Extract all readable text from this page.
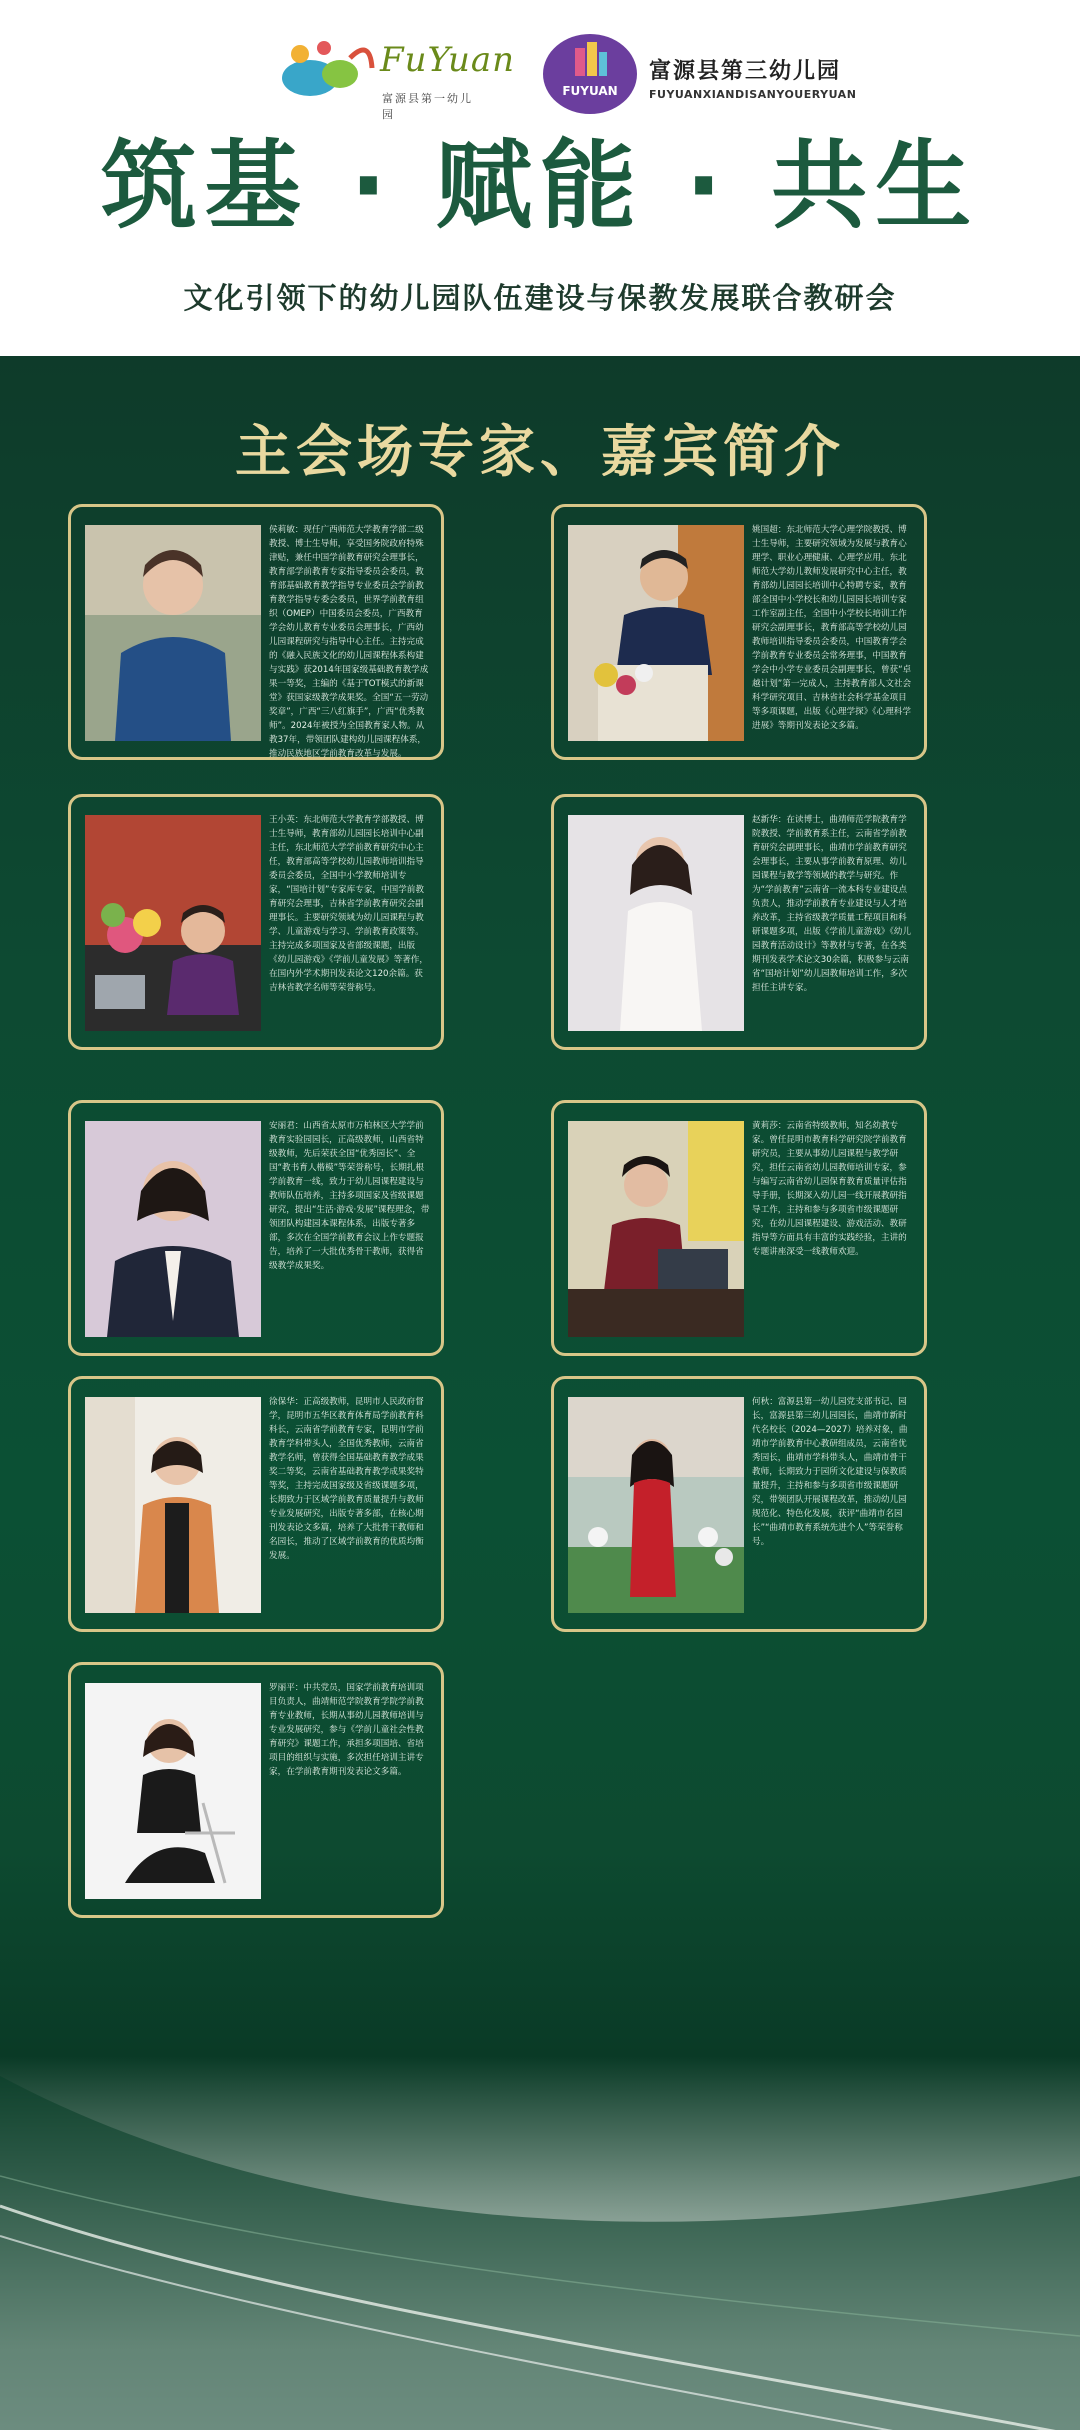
FuYuan
富源县第一幼儿园
FUYUAN
富源县第三幼儿园
FUYUANXIANDISANYOUERYUAN
筑基 · 赋能 · 共生
文化引领下的幼儿园队伍建设与保教发展联合教研会
主会场专家、嘉宾简介
侯莉敏：现任广西师范大学教育学部二级教授、博士生导师，享受国务院政府特殊津贴，兼任中国学前教育研究会理事长，教育部学前教育专家指导委员会委员，教育部基础教育教学指导专业委员会学前教育教学指导专委会委员，世界学前教育组织（OMEP）中国委员会委员，广西教育学会幼儿教育专业委员会理事长，广西幼儿园课程研究与指导中心主任。主持完成的《融入民族文化的幼儿园课程体系构建与实践》获2014年国家级基础教育教学成果一等奖，主编的《基于TOT模式的新课堂》获国家级教学成果奖。全国“五一劳动奖章”，广西“三八红旗手”，广西“优秀教师”。2024年被授为全国教育家人物。从教37年，带领团队建构幼儿园课程体系，推动民族地区学前教育改革与发展。
姚国超：东北师范大学心理学院教授、博士生导师，主要研究领域为发展与教育心理学、职业心理健康、心理学应用。东北师范大学幼儿教师发展研究中心主任，教育部幼儿园园长培训中心特聘专家，教育部全国中小学校长和幼儿园园长培训专家工作室副主任，全国中小学校长培训工作研究会副理事长，教育部高等学校幼儿园教师培训指导委员会委员，中国教育学会学前教育专业委员会常务理事，中国教育学会中小学专业委员会副理事长，曾获“卓越计划”第一完成人，主持教育部人文社会科学研究项目、吉林省社会科学基金项目等多项课题，出版《心理学探》《心理科学进展》等期刊发表论文多篇。
王小英：东北师范大学教育学部教授、博士生导师，教育部幼儿园园长培训中心副主任，东北师范大学学前教育研究中心主任，教育部高等学校幼儿园教师培训指导委员会委员，全国中小学教师培训专家，“国培计划”专家库专家，中国学前教育研究会理事，吉林省学前教育研究会副理事长。主要研究领域为幼儿园课程与教学、儿童游戏与学习、学前教育政策等。主持完成多项国家及省部级课题，出版《幼儿园游戏》《学前儿童发展》等著作，在国内外学术期刊发表论文120余篇。获吉林省教学名师等荣誉称号。
赵新华：在读博士，曲靖师范学院教育学院教授、学前教育系主任，云南省学前教育研究会副理事长，曲靖市学前教育研究会理事长，主要从事学前教育原理、幼儿园课程与教学等领域的教学与研究。作为“学前教育”云南省一流本科专业建设点负责人，推动学前教育专业建设与人才培养改革，主持省级教学质量工程项目和科研课题多项，出版《学前儿童游戏》《幼儿园教育活动设计》等教材与专著，在各类期刊发表学术论文30余篇，积极参与云南省“国培计划”幼儿园教师培训工作，多次担任主讲专家。
安丽君：山西省太原市万柏林区大学学前教育实验园园长，正高级教师，山西省特级教师，先后荣获全国“优秀园长”、全国“教书育人楷模”等荣誉称号，长期扎根学前教育一线，致力于幼儿园课程建设与教师队伍培养，主持多项国家及省级课题研究，提出“生活·游戏·发展”课程理念，带领团队构建园本课程体系，出版专著多部，多次在全国学前教育会议上作专题报告，培养了一大批优秀骨干教师，获得省级教学成果奖。
黄莉莎：云南省特级教师，知名幼教专家。曾任昆明市教育科学研究院学前教育研究员，主要从事幼儿园课程与教学研究，担任云南省幼儿园教师培训专家，参与编写云南省幼儿园保育教育质量评估指导手册，长期深入幼儿园一线开展教研指导工作，主持和参与多项省市级课题研究，在幼儿园课程建设、游戏活动、教研指导等方面具有丰富的实践经验，主讲的专题讲座深受一线教师欢迎。
徐保华：正高级教师，昆明市人民政府督学，昆明市五华区教育体育局学前教育科科长，云南省学前教育专家，昆明市学前教育学科带头人，全国优秀教师，云南省教学名师，曾获得全国基础教育教学成果奖二等奖，云南省基础教育教学成果奖特等奖，主持完成国家级及省级课题多项，长期致力于区域学前教育质量提升与教师专业发展研究，出版专著多部，在核心期刊发表论文多篇，培养了大批骨干教师和名园长，推动了区域学前教育的优质均衡发展。
何秋：富源县第一幼儿园党支部书记、园长，富源县第三幼儿园园长，曲靖市新时代名校长（2024—2027）培养对象，曲靖市学前教育中心教研组成员，云南省优秀园长，曲靖市学科带头人，曲靖市骨干教师，长期致力于园所文化建设与保教质量提升，主持和参与多项省市级课题研究，带领团队开展课程改革，推动幼儿园规范化、特色化发展，获评“曲靖市名园长”“曲靖市教育系统先进个人”等荣誉称号。
罗丽平：中共党员，国家学前教育培训项目负责人，曲靖师范学院教育学院学前教育专业教师，长期从事幼儿园教师培训与专业发展研究，参与《学前儿童社会性教育研究》课题工作，承担多项国培、省培项目的组织与实施，多次担任培训主讲专家，在学前教育期刊发表论文多篇。
